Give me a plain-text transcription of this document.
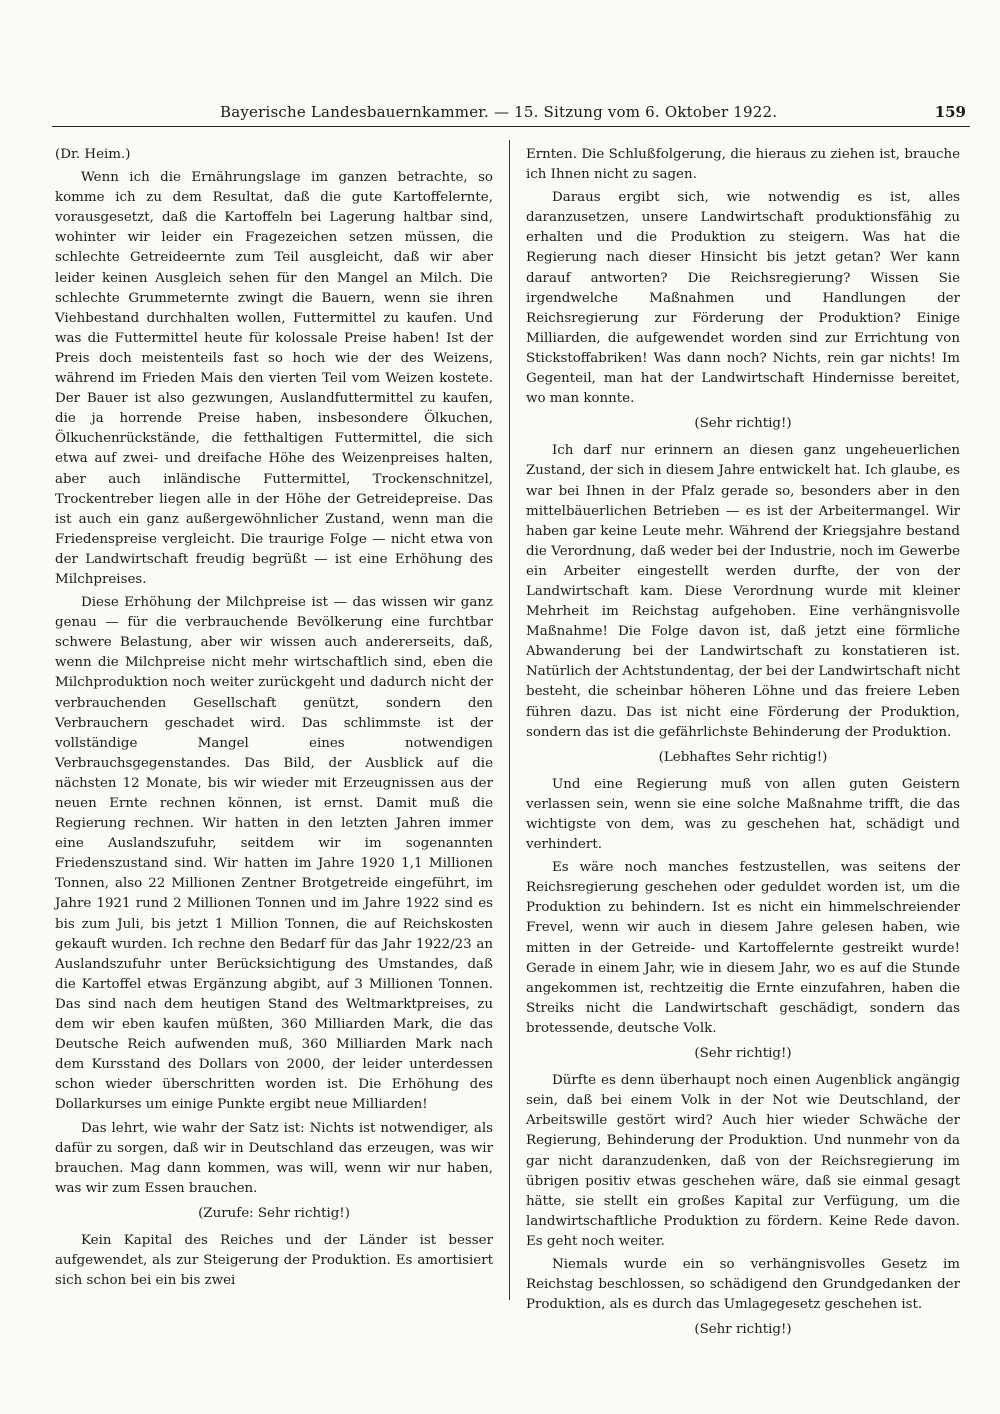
Bayerische Landesbauernkammer. — 15. Sitzung vom 6. Oktober 1922.	159

(Dr. Heim.)

Wenn ich die Ernährungslage im ganzen betrachte, so komme ich zu dem Resultat, daß die gute Kartoffelernte, vorausgesetzt, daß die Kartoffeln bei Lagerung haltbar sind, wohinter wir leider ein Fragezeichen setzen müssen, die schlechte Getreideernte zum Teil ausgleicht, daß wir aber leider keinen Ausgleich sehen für den Mangel an Milch. Die schlechte Grummeternte zwingt die Bauern, wenn sie ihren Viehbestand durchhalten wollen, Futtermittel zu kaufen. Und was die Futtermittel heute für kolossale Preise haben! Ist der Preis doch meistenteils fast so hoch wie der des Weizens, während im Frieden Mais den vierten Teil vom Weizen kostete. Der Bauer ist also gezwungen, Auslandfuttermittel zu kaufen, die ja horrende Preise haben, insbesondere Ölkuchen, Ölkuchenrückstände, die fetthaltigen Futtermittel, die sich etwa auf zwei- und dreifache Höhe des Weizenpreises halten, aber auch inländische Futtermittel, Trockenschnitzel, Trockentreber liegen alle in der Höhe der Getreidepreise. Das ist auch ein ganz außergewöhnlicher Zustand, wenn man die Friedenspreise vergleicht. Die traurige Folge — nicht etwa von der Landwirtschaft freudig begrüßt — ist eine Erhöhung des Milchpreises.

Diese Erhöhung der Milchpreise ist — das wissen wir ganz genau — für die verbrauchende Bevölkerung eine furchtbar schwere Belastung, aber wir wissen auch andererseits, daß, wenn die Milchpreise nicht mehr wirtschaftlich sind, eben die Milchproduktion noch weiter zurückgeht und dadurch nicht der verbrauchenden Gesellschaft genützt, sondern den Verbrauchern geschadet wird. Das schlimmste ist der vollständige Mangel eines notwendigen Verbrauchsgegenstandes. Das Bild, der Ausblick auf die nächsten 12 Monate, bis wir wieder mit Erzeugnissen aus der neuen Ernte rechnen können, ist ernst. Damit muß die Regierung rechnen. Wir hatten in den letzten Jahren immer eine Auslandszufuhr, seitdem wir im sogenannten Friedenszustand sind. Wir hatten im Jahre 1920 1,1 Millionen Tonnen, also 22 Millionen Zentner Brotgetreide eingeführt, im Jahre 1921 rund 2 Millionen Tonnen und im Jahre 1922 sind es bis zum Juli, bis jetzt 1 Million Tonnen, die auf Reichskosten gekauft wurden. Ich rechne den Bedarf für das Jahr 1922/23 an Auslandszufuhr unter Berücksichtigung des Umstandes, daß die Kartoffel etwas Ergänzung abgibt, auf 3 Millionen Tonnen. Das sind nach dem heutigen Stand des Weltmarktpreises, zu dem wir eben kaufen müßten, 360 Milliarden Mark, die das Deutsche Reich aufwenden muß, 360 Milliarden Mark nach dem Kursstand des Dollars von 2000, der leider unterdessen schon wieder überschritten worden ist. Die Erhöhung des Dollarkurses um einige Punkte ergibt neue Milliarden!

Das lehrt, wie wahr der Satz ist: Nichts ist notwendiger, als dafür zu sorgen, daß wir in Deutschland das erzeugen, was wir brauchen. Mag dann kommen, was will, wenn wir nur haben, was wir zum Essen brauchen.

(Zurufe: Sehr richtig!)

Kein Kapital des Reiches und der Länder ist besser aufgewendet, als zur Steigerung der Produktion. Es amortisiert sich schon bei ein bis zwei

Ernten. Die Schlußfolgerung, die hieraus zu ziehen ist, brauche ich Ihnen nicht zu sagen.

Daraus ergibt sich, wie notwendig es ist, alles daranzusetzen, unsere Landwirtschaft produktionsfähig zu erhalten und die Produktion zu steigern. Was hat die Regierung nach dieser Hinsicht bis jetzt getan? Wer kann darauf antworten? Die Reichsregierung? Wissen Sie irgendwelche Maßnahmen und Handlungen der Reichsregierung zur Förderung der Produktion? Einige Milliarden, die aufgewendet worden sind zur Errichtung von Stickstoffabriken! Was dann noch? Nichts, rein gar nichts! Im Gegenteil, man hat der Landwirtschaft Hindernisse bereitet, wo man konnte.

(Sehr richtig!)

Ich darf nur erinnern an diesen ganz ungeheuerlichen Zustand, der sich in diesem Jahre entwickelt hat. Ich glaube, es war bei Ihnen in der Pfalz gerade so, besonders aber in den mittelbäuerlichen Betrieben — es ist der Arbeitermangel. Wir haben gar keine Leute mehr. Während der Kriegsjahre bestand die Verordnung, daß weder bei der Industrie, noch im Gewerbe ein Arbeiter eingestellt werden durfte, der von der Landwirtschaft kam. Diese Verordnung wurde mit kleiner Mehrheit im Reichstag aufgehoben. Eine verhängnisvolle Maßnahme! Die Folge davon ist, daß jetzt eine förmliche Abwanderung bei der Landwirtschaft zu konstatieren ist. Natürlich der Achtstundentag, der bei der Landwirtschaft nicht besteht, die scheinbar höheren Löhne und das freiere Leben führen dazu. Das ist nicht eine Förderung der Produktion, sondern das ist die gefährlichste Behinderung der Produktion.

(Lebhaftes Sehr richtig!)

Und eine Regierung muß von allen guten Geistern verlassen sein, wenn sie eine solche Maßnahme trifft, die das wichtigste von dem, was zu geschehen hat, schädigt und verhindert.

Es wäre noch manches festzustellen, was seitens der Reichsregierung geschehen oder geduldet worden ist, um die Produktion zu behindern. Ist es nicht ein himmelschreiender Frevel, wenn wir auch in diesem Jahre gelesen haben, wie mitten in der Getreide- und Kartoffelernte gestreikt wurde! Gerade in einem Jahr, wie in diesem Jahr, wo es auf die Stunde angekommen ist, rechtzeitig die Ernte einzufahren, haben die Streiks nicht die Landwirtschaft geschädigt, sondern das brotessende, deutsche Volk.

(Sehr richtig!)

Dürfte es denn überhaupt noch einen Augenblick angängig sein, daß bei einem Volk in der Not wie Deutschland, der Arbeitswille gestört wird? Auch hier wieder Schwäche der Regierung, Behinderung der Produktion. Und nunmehr von da gar nicht daranzudenken, daß von der Reichsregierung im übrigen positiv etwas geschehen wäre, daß sie einmal gesagt hätte, sie stellt ein großes Kapital zur Verfügung, um die landwirtschaftliche Produktion zu fördern. Keine Rede davon. Es geht noch weiter.

Niemals wurde ein so verhängnisvolles Gesetz im Reichstag beschlossen, so schädigend den Grundgedanken der Produktion, als es durch das Umlagegesetz geschehen ist.

(Sehr richtig!)
